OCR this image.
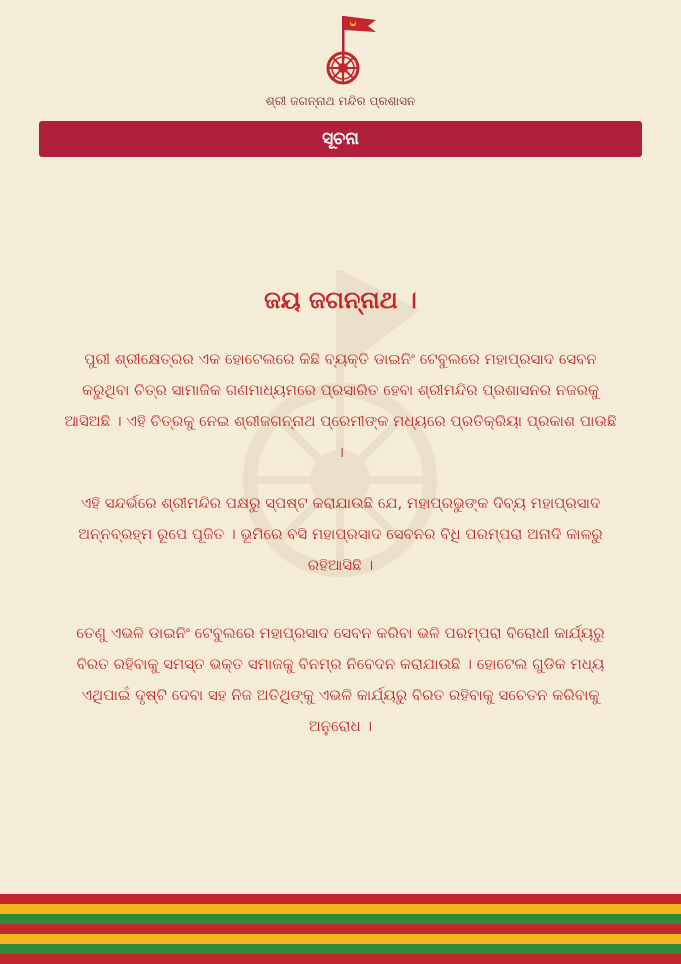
ଶ୍ରୀ ଜଗନ୍ନାଥ ମନ୍ଦିର ପ୍ରଶାସନ
ସୂଚନା
ଜୟ ଜଗନ୍ନାଥ ।
ପୁରୀ ଶ୍ରୀକ୍ଷେତ୍ରର ଏକ ହୋଟେଲରେ କିଛି ବ୍ୟକ୍ତି ଡାଇନିଂ ଟେବୁଲରେ ମହାପ୍ରସାଦ ସେବନ କରୁଥିବା ଚିତ୍ର ସାମାଜିକ ଗଣମାଧ୍ୟମରେ ପ୍ରସାରିତ ହେବା ଶ୍ରୀମନ୍ଦିର ପ୍ରଶାସନର ନଜରକୁ ଆସିଅଛି । ଏହି ଚିତ୍ରକୁ ନେଇ ଶ୍ରୀଜଗନ୍ନାଥ ପ୍ରେମୀଙ୍କ ମଧ୍ୟରେ ପ୍ରତିକ୍ରିୟା ପ୍ରକାଶ ପାଉଛି ।
ଏହି ସନ୍ଦର୍ଭରେ ଶ୍ରୀମନ୍ଦିର ପକ୍ଷରୁ ସ୍ପଷ୍ଟ କରାଯାଉଛି ଯେ, ମହାପ୍ରଭୁଙ୍କ ଦିବ୍ୟ ମହାପ୍ରସାଦ ଅନ୍ନବ୍ରହ୍ମ ରୂପେ ପୂଜିତ । ଭୂମିରେ ବସି ମହାପ୍ରସାଦ ସେବନର ବିଧି ପରମ୍ପରା ଅନାଦି କାଳରୁ ରହିଆସିଛି ।
ତେଣୁ ଏଭଳି ଡାଇନିଂ ଟେବୁଲରେ ମହାପ୍ରସାଦ ସେବନ କରିବା ଭଳି ପରମ୍ପରା ବିରୋଧୀ କାର୍ଯ୍ୟରୁ ବିରତ ରହିବାକୁ ସମସ୍ତ ଭକ୍ତ ସମାଜକୁ ବିନମ୍ର ନିବେଦନ କରାଯାଉଛି । ହୋଟେଲ ଗୁଡିକ ମଧ୍ୟ ଏଥିପାଇଁ ଦୃଷ୍ଟି ଦେବା ସହ ନିଜ ଅତିଥିଙ୍କୁ ଏଭଳି କାର୍ଯ୍ୟରୁ ବିରତ ରହିବାକୁ ସଚେତନ କରିବାକୁ ଅନୁରୋଧ ।
